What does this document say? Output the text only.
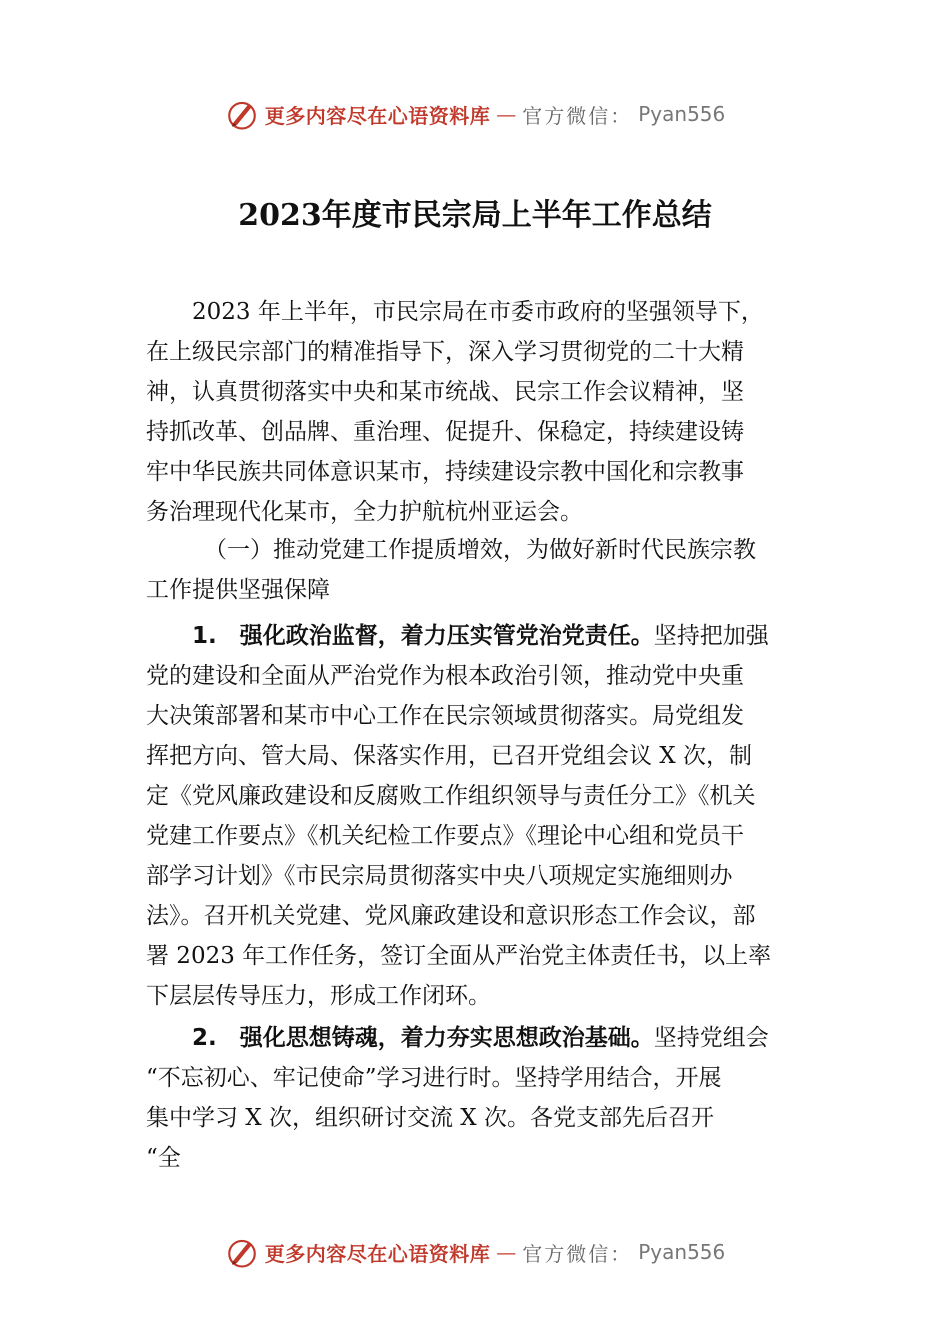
更多内容尽在心语资料库 — 官方微信： Pyan556
2023年度市民宗局上半年工作总结
2023 年上半年，市民宗局在市委市政府的坚强领导下，
在上级民宗部门的精准指导下，深入学习贯彻党的二十大精
神，认真贯彻落实中央和某市统战、民宗工作会议精神，坚
持抓改革、创品牌、重治理、促提升、保稳定，持续建设铸
牢中华民族共同体意识某市，持续建设宗教中国化和宗教事
务治理现代化某市，全力护航杭州亚运会。
（一）推动党建工作提质增效，为做好新时代民族宗教
工作提供坚强保障
1.　强化政治监督，着力压实管党治党责任。坚持把加强
党的建设和全面从严治党作为根本政治引领，推动党中央重
大决策部署和某市中心工作在民宗领域贯彻落实。局党组发
挥把方向、管大局、保落实作用，已召开党组会议 X 次，制
定《党风廉政建设和反腐败工作组织领导与责任分工》《机关
党建工作要点》《机关纪检工作要点》《理论中心组和党员干
部学习计划》《市民宗局贯彻落实中央八项规定实施细则办
法》。召开机关党建、党风廉政建设和意识形态工作会议，部
署 2023 年工作任务，签订全面从严治党主体责任书，以上率
下层层传导压力，形成工作闭环。
2.　强化思想铸魂，着力夯实思想政治基础。坚持党组会
“不忘初心、牢记使命”学习进行时。坚持学用结合，开展
集中学习 X 次，组织研讨交流 X 次。各党支部先后召开
“全
更多内容尽在心语资料库 — 官方微信： Pyan556
